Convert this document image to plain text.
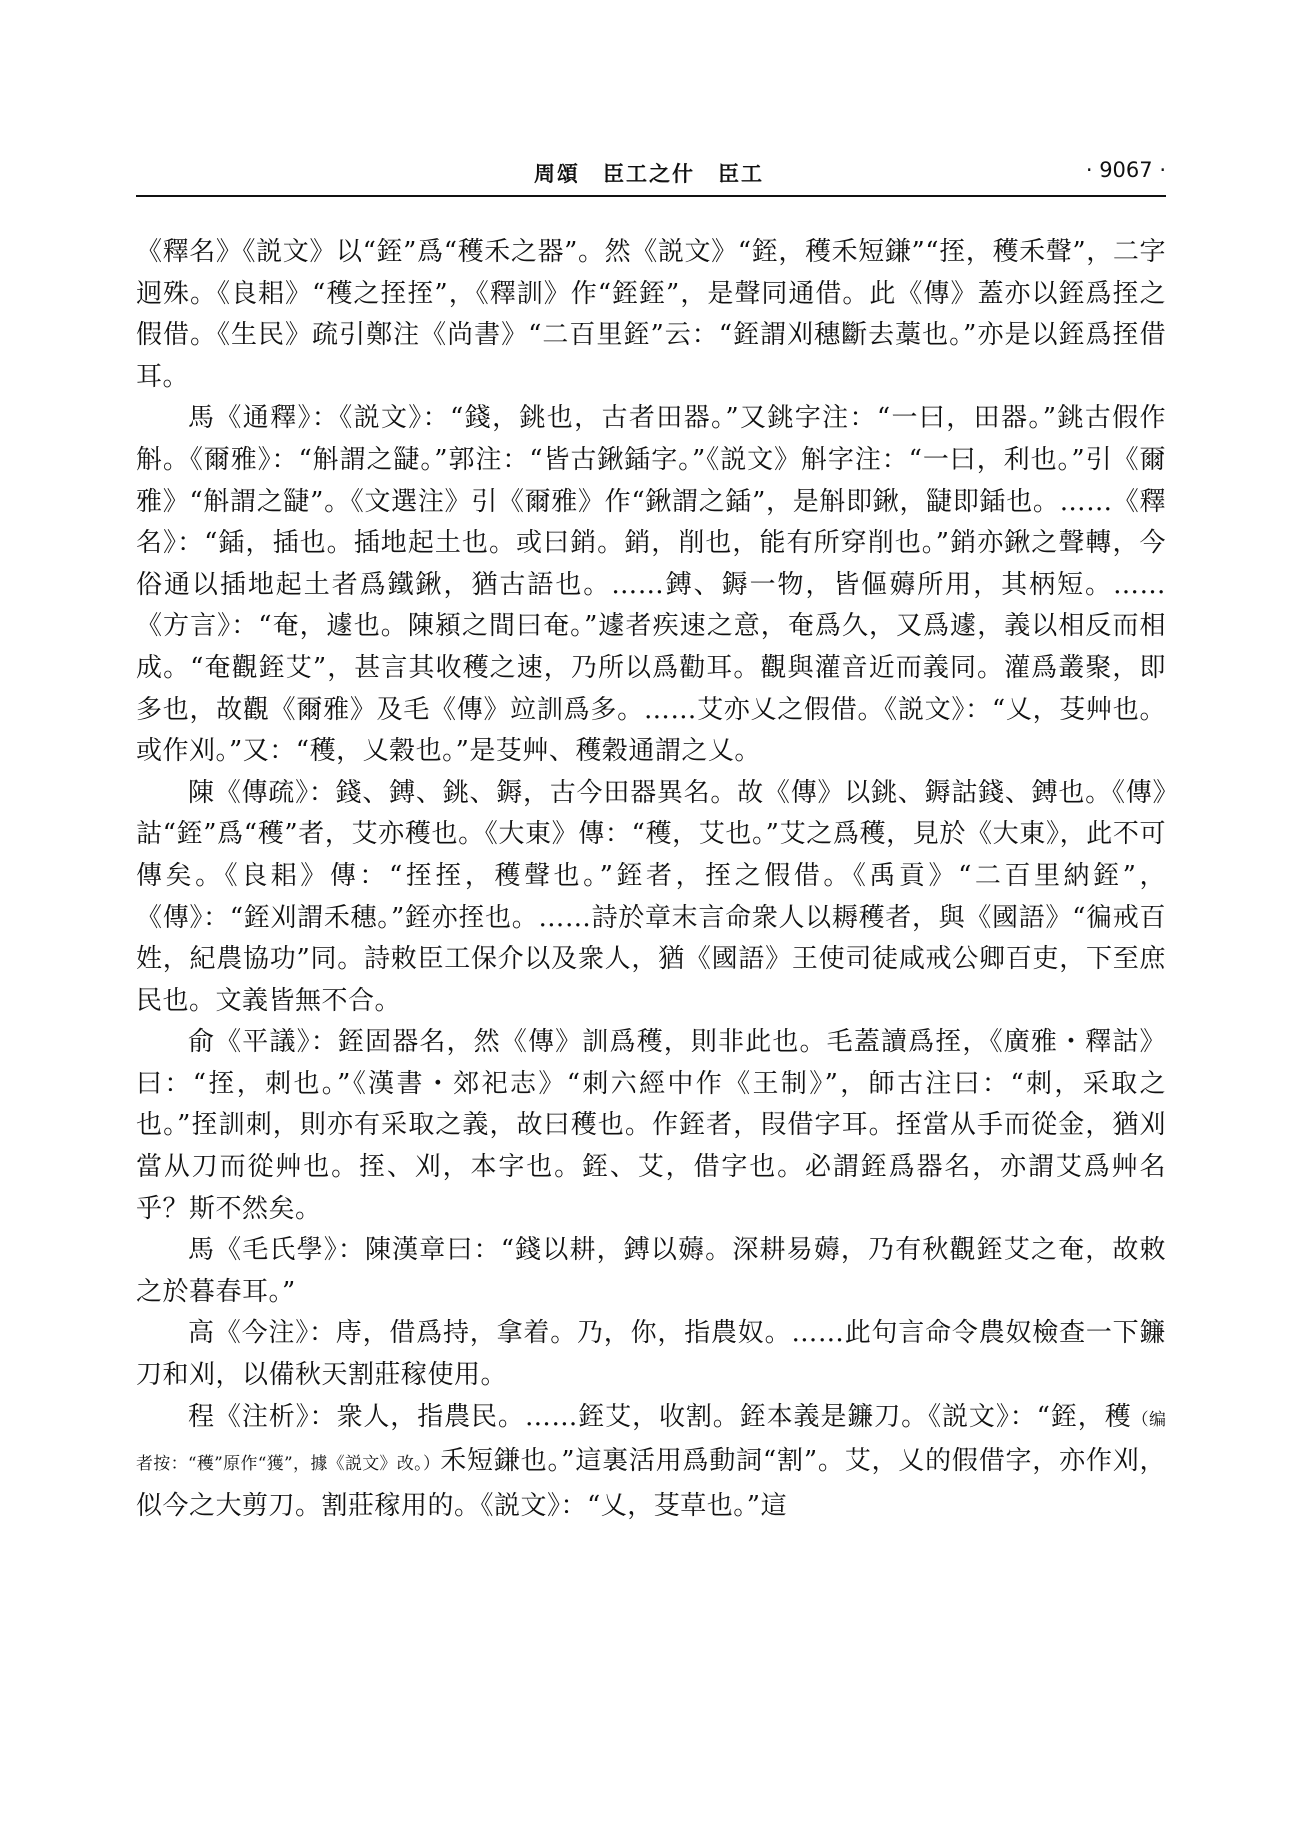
周頌　臣工之什　臣工	· 9067 ·

《釋名》《説文》以“銍”爲“穫禾之器”。然《説文》“銍，穫禾短鎌”“挃，穫禾聲”，二字迥殊。《良耜》“穫之挃挃”，《釋訓》作“銍銍”，是聲同通借。此《傳》蓋亦以銍爲挃之假借。《生民》疏引鄭注《尚書》“二百里銍”云：“銍謂刈穗斷去藁也。”亦是以銍爲挃借耳。

馬《通釋》：《説文》：“錢，銚也，古者田器。”又銚字注：“一曰，田器。”銚古假作斛。《爾雅》：“斛謂之疀。”郭注：“皆古鍬鍤字。”《説文》斛字注：“一曰，利也。”引《爾雅》“斛謂之疀”。《文選注》引《爾雅》作“鍬謂之鍤”，是斛即鍬，疀即鍤也。……《釋名》：“鍤，插也。插地起土也。或曰銷。銷，削也，能有所穿削也。”銷亦鍬之聲轉，今俗通以插地起土者爲鐵鍬，猶古語也。……鎛、鎒一物，皆傴薅所用，其柄短。……《方言》：“奄，遽也。陳潁之間曰奄。”遽者疾速之意，奄爲久，又爲遽，義以相反而相成。“奄觀銍艾”，甚言其收穫之速，乃所以爲勸耳。觀與灌音近而義同。灌爲叢聚，即多也，故觀《爾雅》及毛《傳》竝訓爲多。……艾亦乂之假借。《説文》：“乂，芟艸也。或作刈。”又：“穫，乂穀也。”是芟艸、穫穀通謂之乂。

陳《傳疏》：錢、鎛、銚、鎒，古今田器異名。故《傳》以銚、鎒詁錢、鎛也。《傳》詁“銍”爲“穫”者，艾亦穫也。《大東》傳：“穫，艾也。”艾之爲穫，見於《大東》，此不可傳矣。《良耜》傳：“挃挃，穫聲也。”銍者，挃之假借。《禹貢》“二百里納銍”，《傳》：“銍刈謂禾穗。”銍亦挃也。……詩於章末言命衆人以耨穫者，與《國語》“徧戒百姓，紀農協功”同。詩敕臣工保介以及衆人，猶《國語》王使司徒咸戒公卿百吏，下至庶民也。文義皆無不合。

俞《平議》：銍固器名，然《傳》訓爲穫，則非此也。毛蓋讀爲挃，《廣雅・釋詁》曰：“挃，刺也。”《漢書・郊祀志》“刺六經中作《王制》”，師古注曰：“刺，采取之也。”挃訓刺，則亦有采取之義，故曰穫也。作銍者，叚借字耳。挃當从手而從金，猶刈當从刀而從艸也。挃、刈，本字也。銍、艾，借字也。必謂銍爲器名，亦謂艾爲艸名乎？斯不然矣。

馬《毛氏學》：陳漢章曰：“錢以耕，鎛以薅。深耕易薅，乃有秋觀銍艾之奄，故敕之於暮春耳。”

高《今注》：庤，借爲持，拿着。乃，你，指農奴。……此句言命令農奴檢查一下鐮刀和刈，以備秋天割莊稼使用。

程《注析》：衆人，指農民。……銍艾，收割。銍本義是鐮刀。《説文》：“銍，穫（编者按：“穫”原作“獲”，據《説文》改。）禾短鎌也。”這裏活用爲動詞“割”。艾，乂的假借字，亦作刈，似今之大剪刀。割莊稼用的。《説文》：“乂，芟草也。”這
